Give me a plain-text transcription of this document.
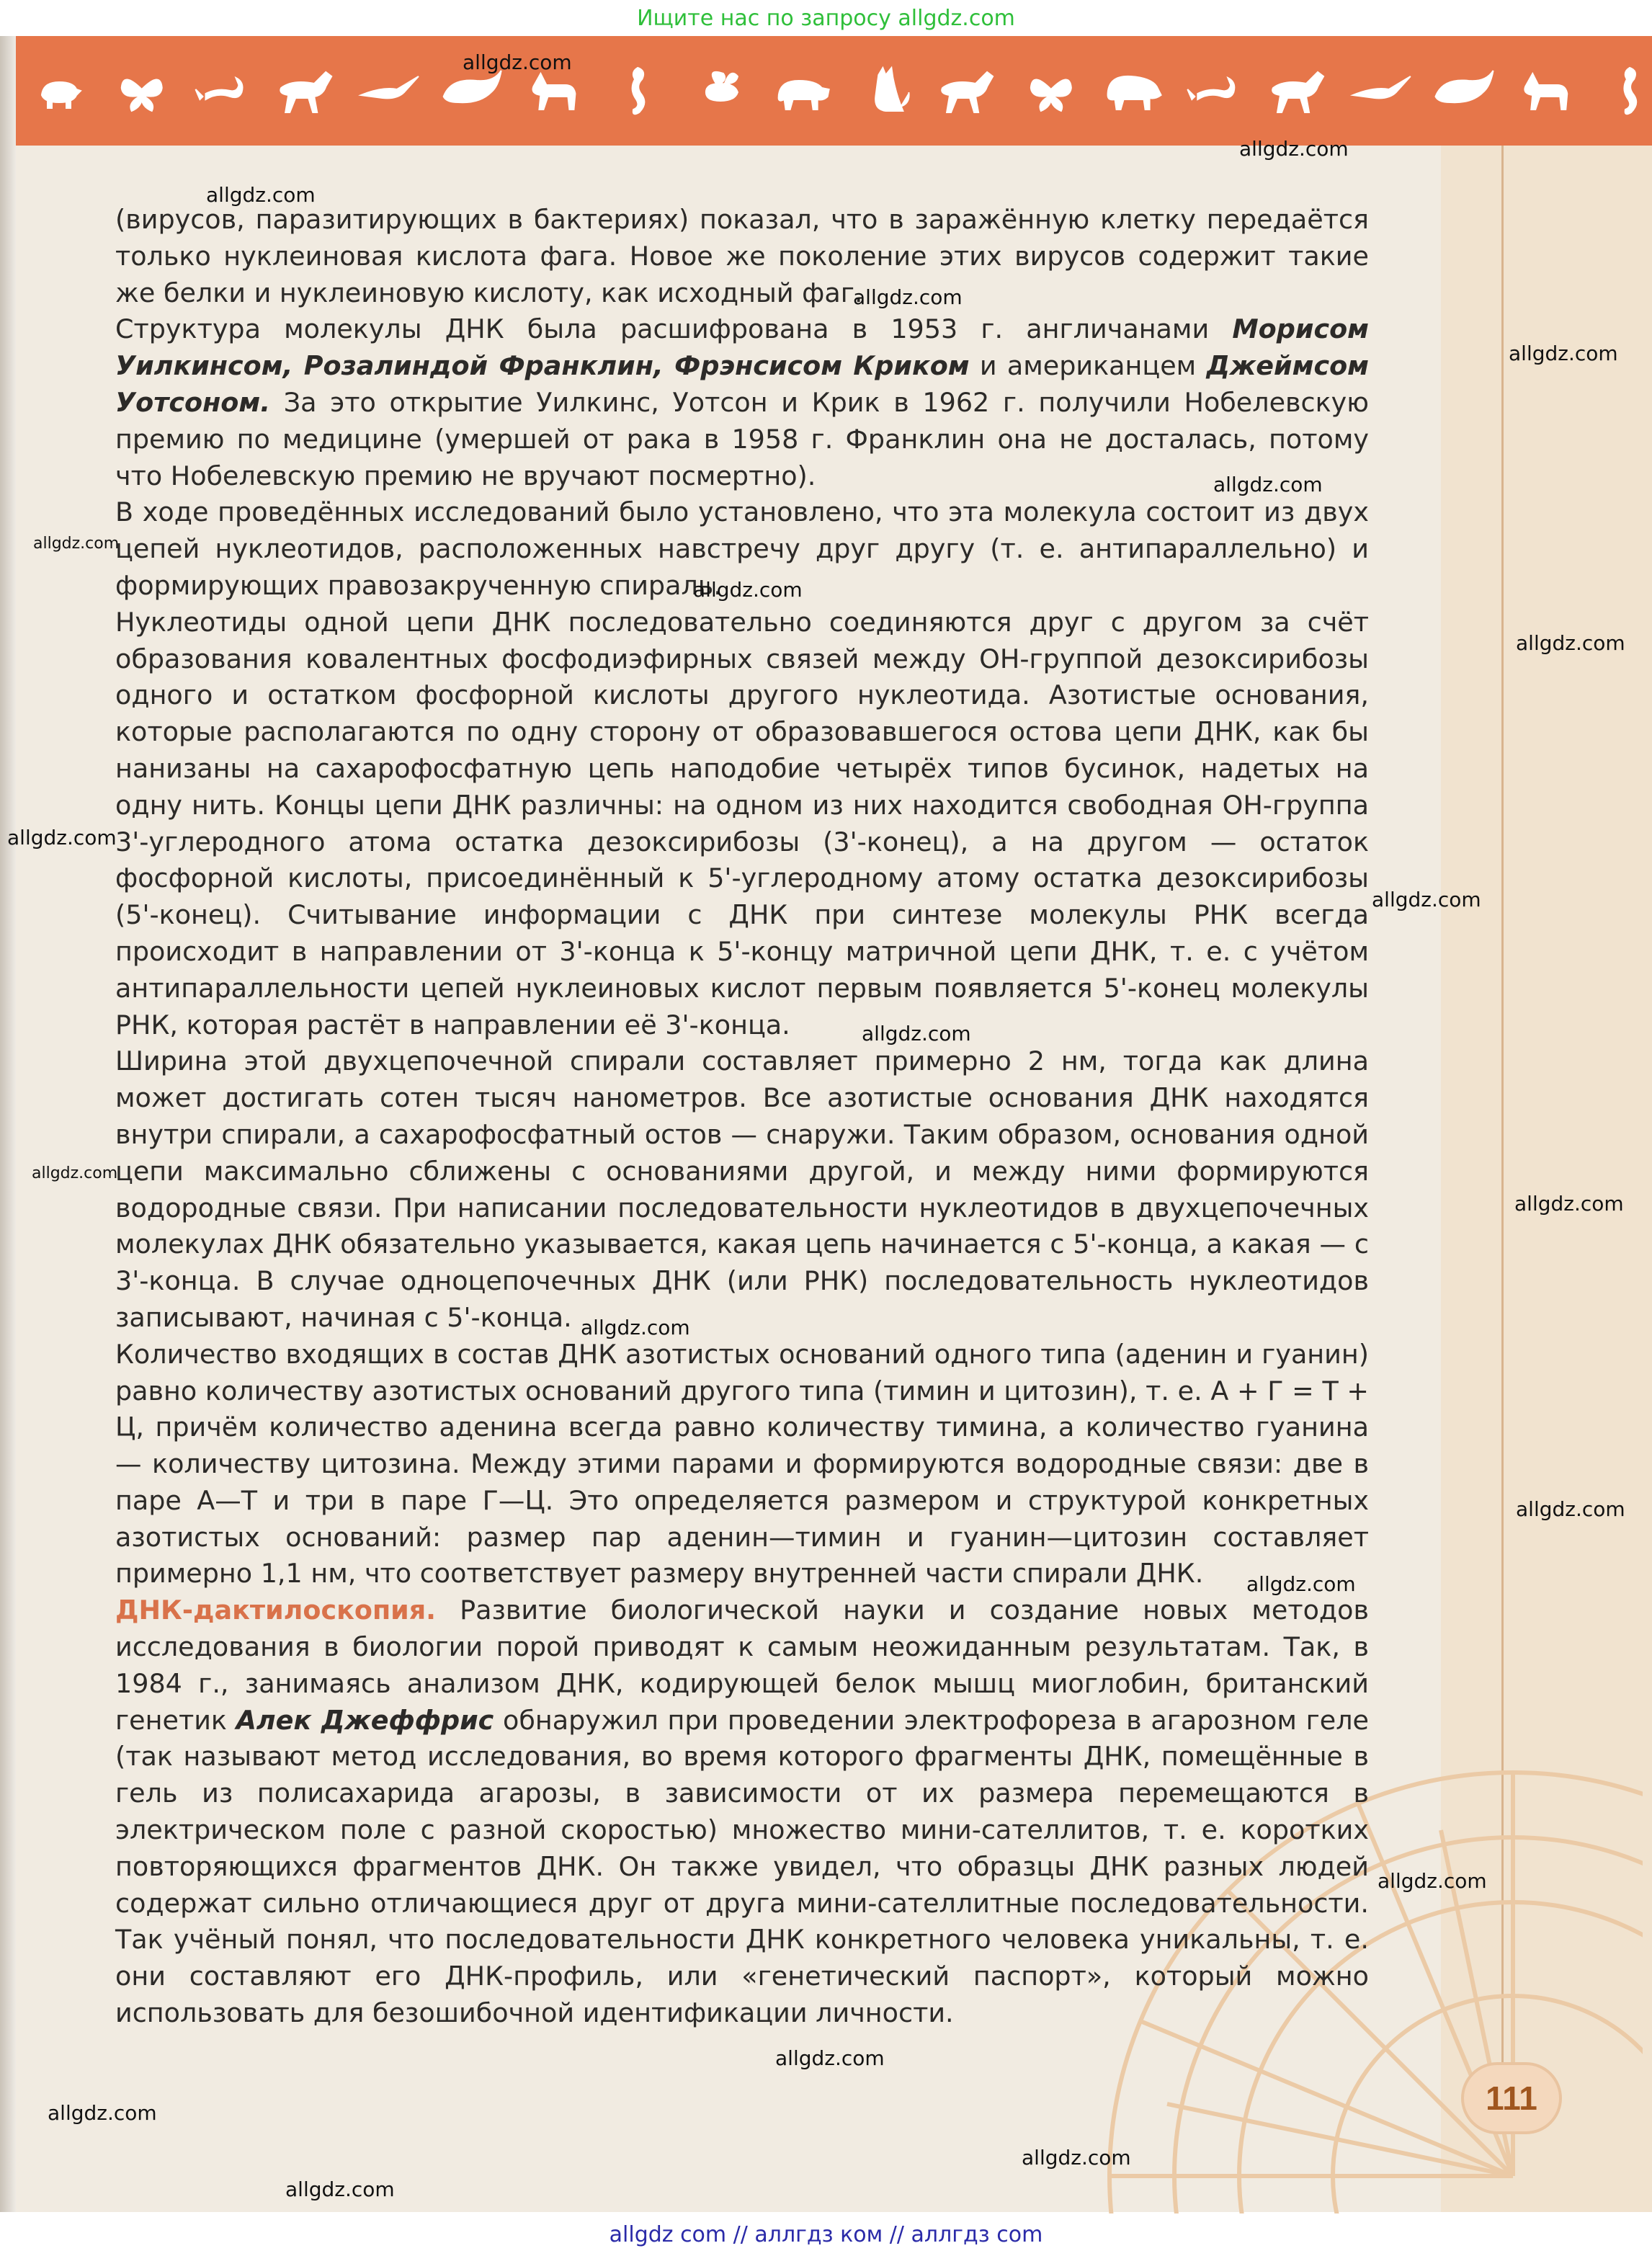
Ищите нас по запросу allgdz.com

(вирусов, паразитирующих в бактериях) показал, что в заражённую клетку передаётся только нуклеиновая кислота фага. Новое же поколение этих вирусов содержит такие же белки и нуклеиновую кислоту, как исходный фаг.

Структура молекулы ДНК была расшифрована в 1953 г. англичанами Морисом Уилкинсом, Розалиндой Франклин, Фрэнсисом Криком и американцем Джеймсом Уотсоном. За это открытие Уилкинс, Уотсон и Крик в 1962 г. получили Нобелевскую премию по медицине (умершей от рака в 1958 г. Франклин она не досталась, потому что Нобелевскую премию не вручают посмертно).

В ходе проведённых исследований было установлено, что эта молекула состоит из двух цепей нуклеотидов, расположенных навстречу друг другу (т. е. антипараллельно) и формирующих правозакрученную спираль.

Нуклеотиды одной цепи ДНК последовательно соединяются друг с другом за счёт образования ковалентных фосфодиэфирных связей между ОН-группой дезоксирибозы одного и остатком фосфорной кислоты другого нуклеотида. Азотистые основания, которые располагаются по одну сторону от образовавшегося остова цепи ДНК, как бы нанизаны на сахарофосфатную цепь наподобие четырёх типов бусинок, надетых на одну нить. Концы цепи ДНК различны: на одном из них находится свободная ОН-группа 3'-углеродного атома остатка дезоксирибозы (3'-конец), а на другом — остаток фосфорной кислоты, присоединённый к 5'-углеродному атому остатка дезоксирибозы (5'-конец). Считывание информации с ДНК при синтезе молекулы РНК всегда происходит в направлении от 3'-конца к 5'-концу матричной цепи ДНК, т. е. с учётом антипараллельности цепей нуклеиновых кислот первым появляется 5'-конец молекулы РНК, которая растёт в направлении её 3'-конца.

Ширина этой двухцепочечной спирали составляет примерно 2 нм, тогда как длина может достигать сотен тысяч нанометров. Все азотистые основания ДНК находятся внутри спирали, а сахарофосфатный остов — снаружи. Таким образом, основания одной цепи максимально сближены с основаниями другой, и между ними формируются водородные связи. При написании последовательности нуклеотидов в двухцепочечных молекулах ДНК обязательно указывается, какая цепь начинается с 5'-конца, а какая — с 3'-конца. В случае одноцепочечных ДНК (или РНК) последовательность нуклеотидов записывают, начиная с 5'-конца.

Количество входящих в состав ДНК азотистых оснований одного типа (аденин и гуанин) равно количеству азотистых оснований другого типа (тимин и цитозин), т. е. А + Г = Т + Ц, причём количество аденина всегда равно количеству тимина, а количество гуанина — количеству цитозина. Между этими парами и формируются водородные связи: две в паре А—Т и три в паре Г—Ц. Это определяется размером и структурой конкретных азотистых оснований: размер пар аденин—тимин и гуанин—цитозин составляет примерно 1,1 нм, что соответствует размеру внутренней части спирали ДНК.

ДНК-дактилоскопия. Развитие биологической науки и создание новых методов исследования в биологии порой приводят к самым неожиданным результатам. Так, в 1984 г., занимаясь анализом ДНК, кодирующей белок мышц миоглобин, британский генетик Алек Джеффрис обнаружил при проведении электрофореза в агарозном геле (так называют метод исследования, во время которого фрагменты ДНК, помещённые в гель из полисахарида агарозы, в зависимости от их размера перемещаются в электрическом поле с разной скоростью) множество мини-сателлитов, т. е. коротких повторяющихся фрагментов ДНК. Он также увидел, что образцы ДНК разных людей содержат сильно отличающиеся друг от друга мини-сателлитные последовательности. Так учёный понял, что последовательности ДНК конкретного человека уникальны, т. е. они составляют его ДНК-профиль, или «генетический паспорт», который можно использовать для безошибочной идентификации личности.

111
allgdz.com
allgdz.com
allgdz.com
allgdz.com
allgdz.com
allgdz.com
allgdz.com
allgdz.com
allgdz.com
allgdz.com
allgdz.com
allgdz.com
allgdz.com
allgdz.com
allgdz.com
allgdz.com
allgdz.com
allgdz.com
allgdz.com
allgdz.com
allgdz.com
allgdz.com
allgdz com // аллгдз ком // аллгдз com
